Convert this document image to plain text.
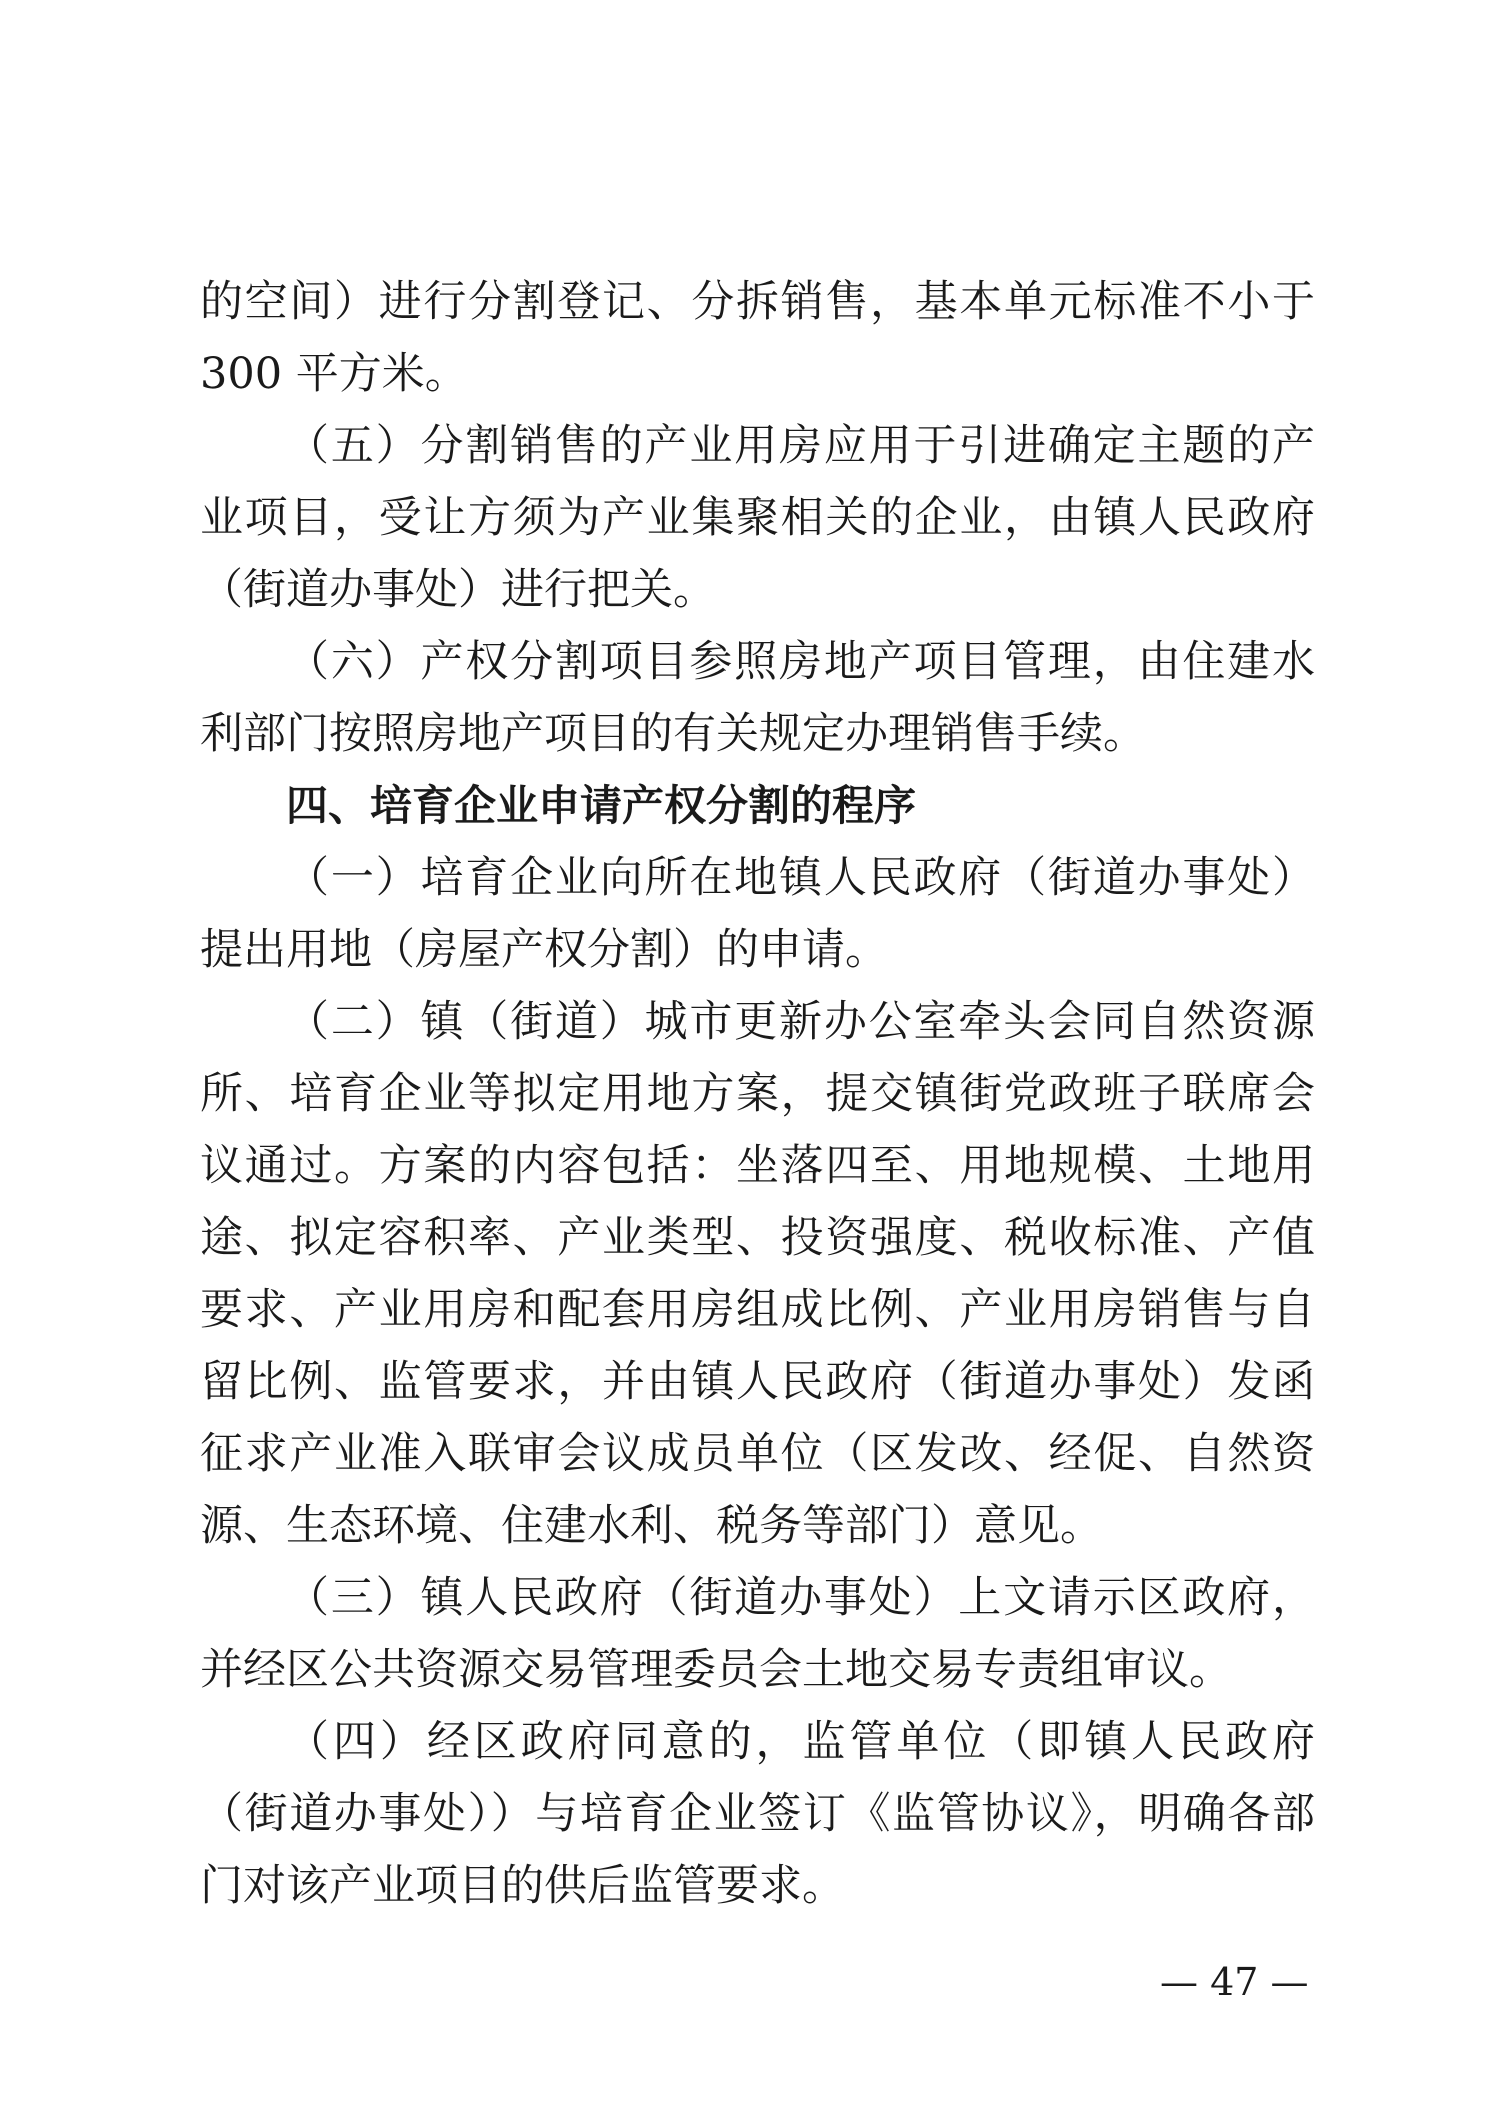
的空间）进行分割登记、分拆销售，基本单元标准不小于 300 平方米。

（五）分割销售的产业用房应用于引进确定主题的产业项目，受让方须为产业集聚相关的企业，由镇人民政府（街道办事处）进行把关。

（六）产权分割项目参照房地产项目管理，由住建水利部门按照房地产项目的有关规定办理销售手续。

四、培育企业申请产权分割的程序

（一）培育企业向所在地镇人民政府（街道办事处）提出用地（房屋产权分割）的申请。

（二）镇（街道）城市更新办公室牵头会同自然资源所、培育企业等拟定用地方案，提交镇街党政班子联席会议通过。方案的内容包括：坐落四至、用地规模、土地用途、拟定容积率、产业类型、投资强度、税收标准、产值要求、产业用房和配套用房组成比例、产业用房销售与自留比例、监管要求，并由镇人民政府（街道办事处）发函征求产业准入联审会议成员单位（区发改、经促、自然资源、生态环境、住建水利、税务等部门）意见。

（三）镇人民政府（街道办事处）上文请示区政府，并经区公共资源交易管理委员会土地交易专责组审议。

（四）经区政府同意的，监管单位（即镇人民政府（街道办事处））与培育企业签订《监管协议》，明确各部门对该产业项目的供后监管要求。

— 47 —
